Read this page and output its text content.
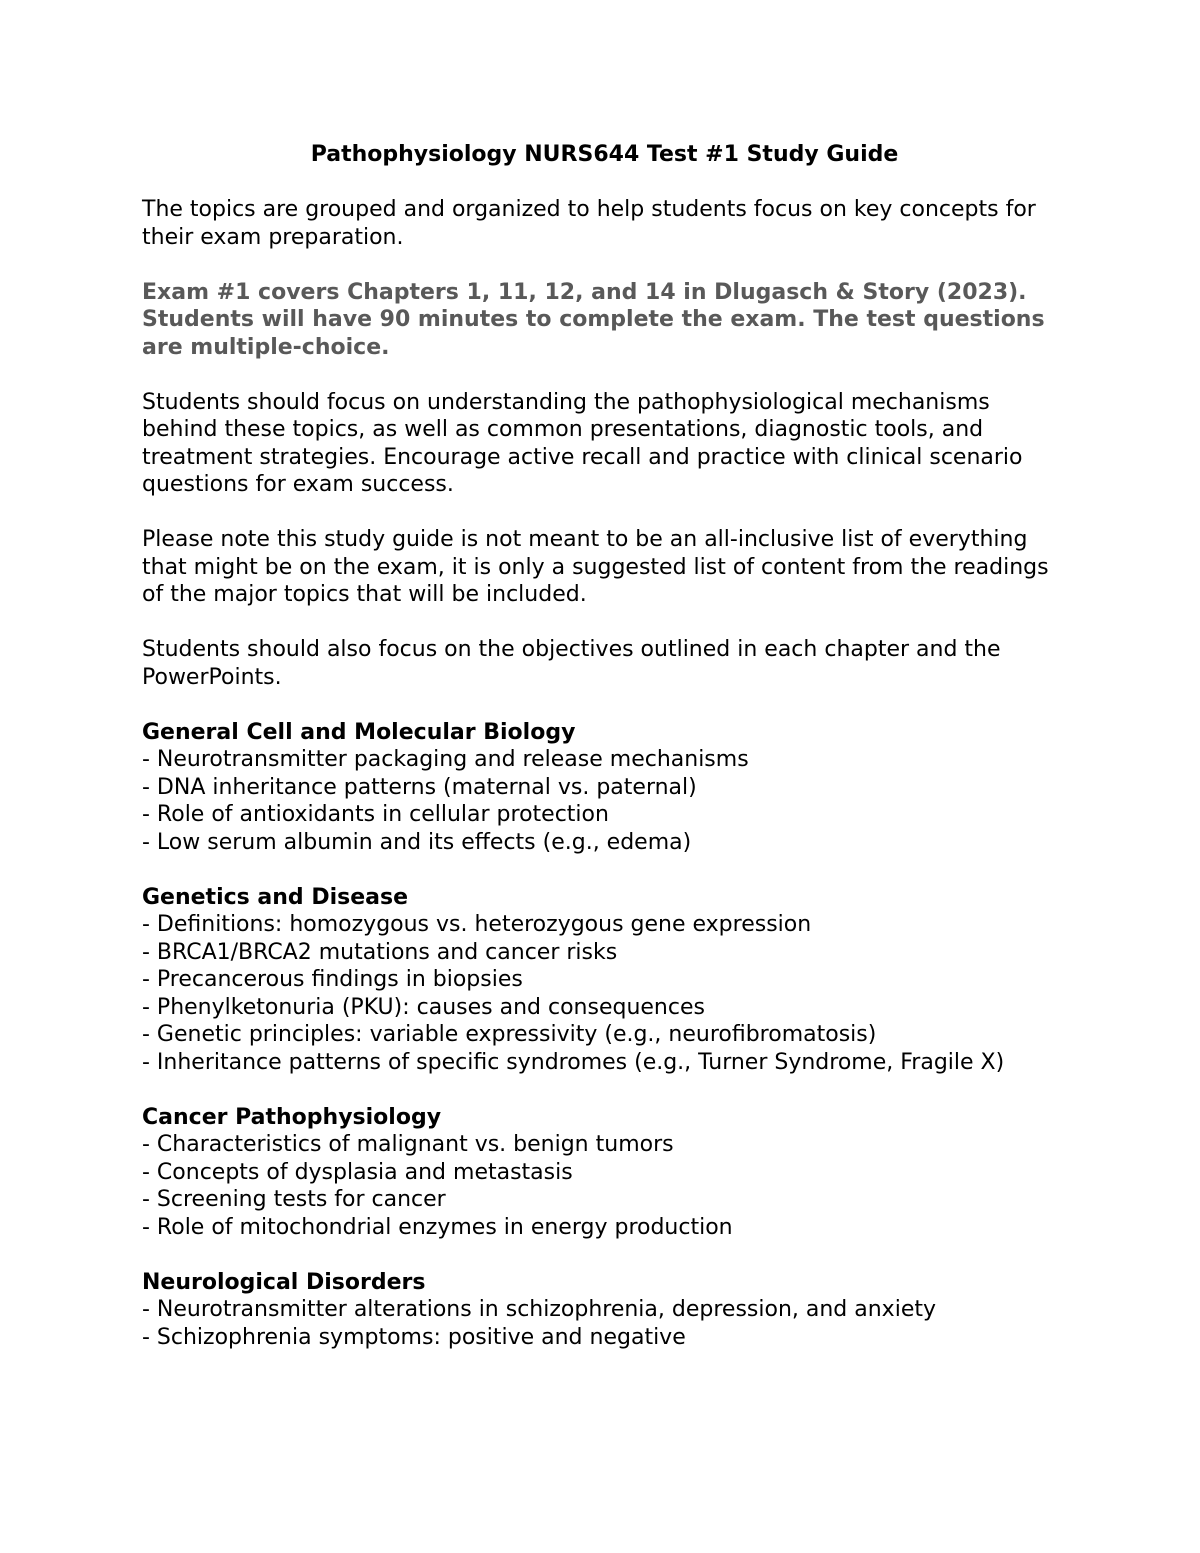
Pathophysiology NURS644 Test #1 Study Guide

The topics are grouped and organized to help students focus on key concepts for their exam preparation.

Exam #1 covers Chapters 1, 11, 12, and 14 in Dlugasch & Story (2023). Students will have 90 minutes to complete the exam. The test questions are multiple-choice.

Students should focus on understanding the pathophysiological mechanisms behind these topics, as well as common presentations, diagnostic tools, and treatment strategies. Encourage active recall and practice with clinical scenario questions for exam success.

Please note this study guide is not meant to be an all-inclusive list of everything that might be on the exam, it is only a suggested list of content from the readings of the major topics that will be included.

Students should also focus on the objectives outlined in each chapter and the PowerPoints.

General Cell and Molecular Biology
- Neurotransmitter packaging and release mechanisms
- DNA inheritance patterns (maternal vs. paternal)
- Role of antioxidants in cellular protection
- Low serum albumin and its effects (e.g., edema)
Genetics and Disease
- Definitions: homozygous vs. heterozygous gene expression
- BRCA1/BRCA2 mutations and cancer risks
- Precancerous findings in biopsies
- Phenylketonuria (PKU): causes and consequences
- Genetic principles: variable expressivity (e.g., neurofibromatosis)
- Inheritance patterns of specific syndromes (e.g., Turner Syndrome, Fragile X)
Cancer Pathophysiology
- Characteristics of malignant vs. benign tumors
- Concepts of dysplasia and metastasis
- Screening tests for cancer
- Role of mitochondrial enzymes in energy production
Neurological Disorders
- Neurotransmitter alterations in schizophrenia, depression, and anxiety
- Schizophrenia symptoms: positive and negative
